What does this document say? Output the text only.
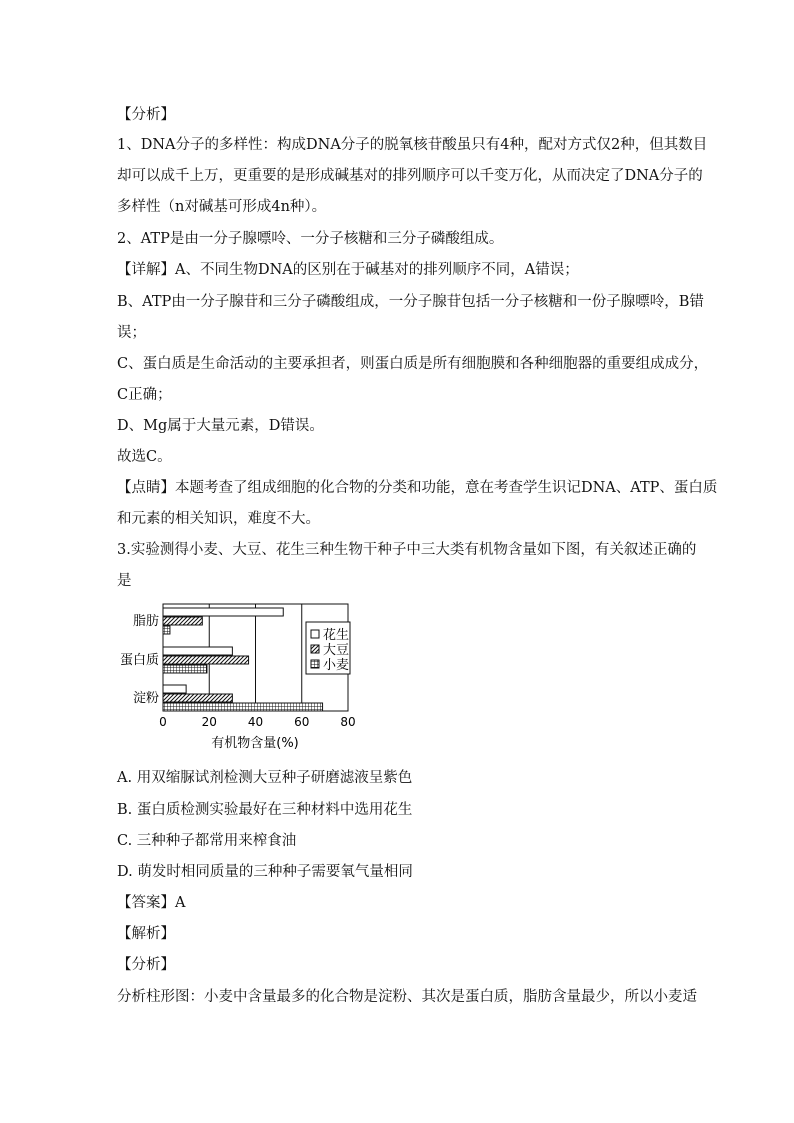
【分析】
1、DNA分子的多样性：构成DNA分子的脱氧核苷酸虽只有4种，配对方式仅2种，但其数目
却可以成千上万，更重要的是形成碱基对的排列顺序可以千变万化，从而决定了DNA分子的
多样性（n对碱基可形成4n种）。
2、ATP是由一分子腺嘌呤、一分子核糖和三分子磷酸组成。
【详解】A、不同生物DNA的区别在于碱基对的排列顺序不同，A错误；
B、ATP由一分子腺苷和三分子磷酸组成，一分子腺苷包括一分子核糖和一份子腺嘌呤，B错
误；
C、蛋白质是生命活动的主要承担者，则蛋白质是所有细胞膜和各种细胞器的重要组成成分，
C正确；
D、Mg属于大量元素，D错误。
故选C。
【点睛】本题考查了组成细胞的化合物的分类和功能，意在考查学生识记DNA、ATP、蛋白质
和元素的相关知识，难度不大。
3.实验测得小麦、大豆、花生三种生物干种子中三大类有机物含量如下图，有关叙述正确的
是
A. 用双缩脲试剂检测大豆种子研磨滤液呈紫色
B. 蛋白质检测实验最好在三种材料中选用花生
C. 三种种子都常用来榨食油
D. 萌发时相同质量的三种种子需要氧气量相同
【答案】A
【解析】
【分析】
分析柱形图：小麦中含量最多的化合物是淀粉、其次是蛋白质，脂肪含量最少，所以小麦适
脂肪
蛋白质
淀粉
0	20	40	60	80
有机物含量(%)
花生
大豆
小麦
